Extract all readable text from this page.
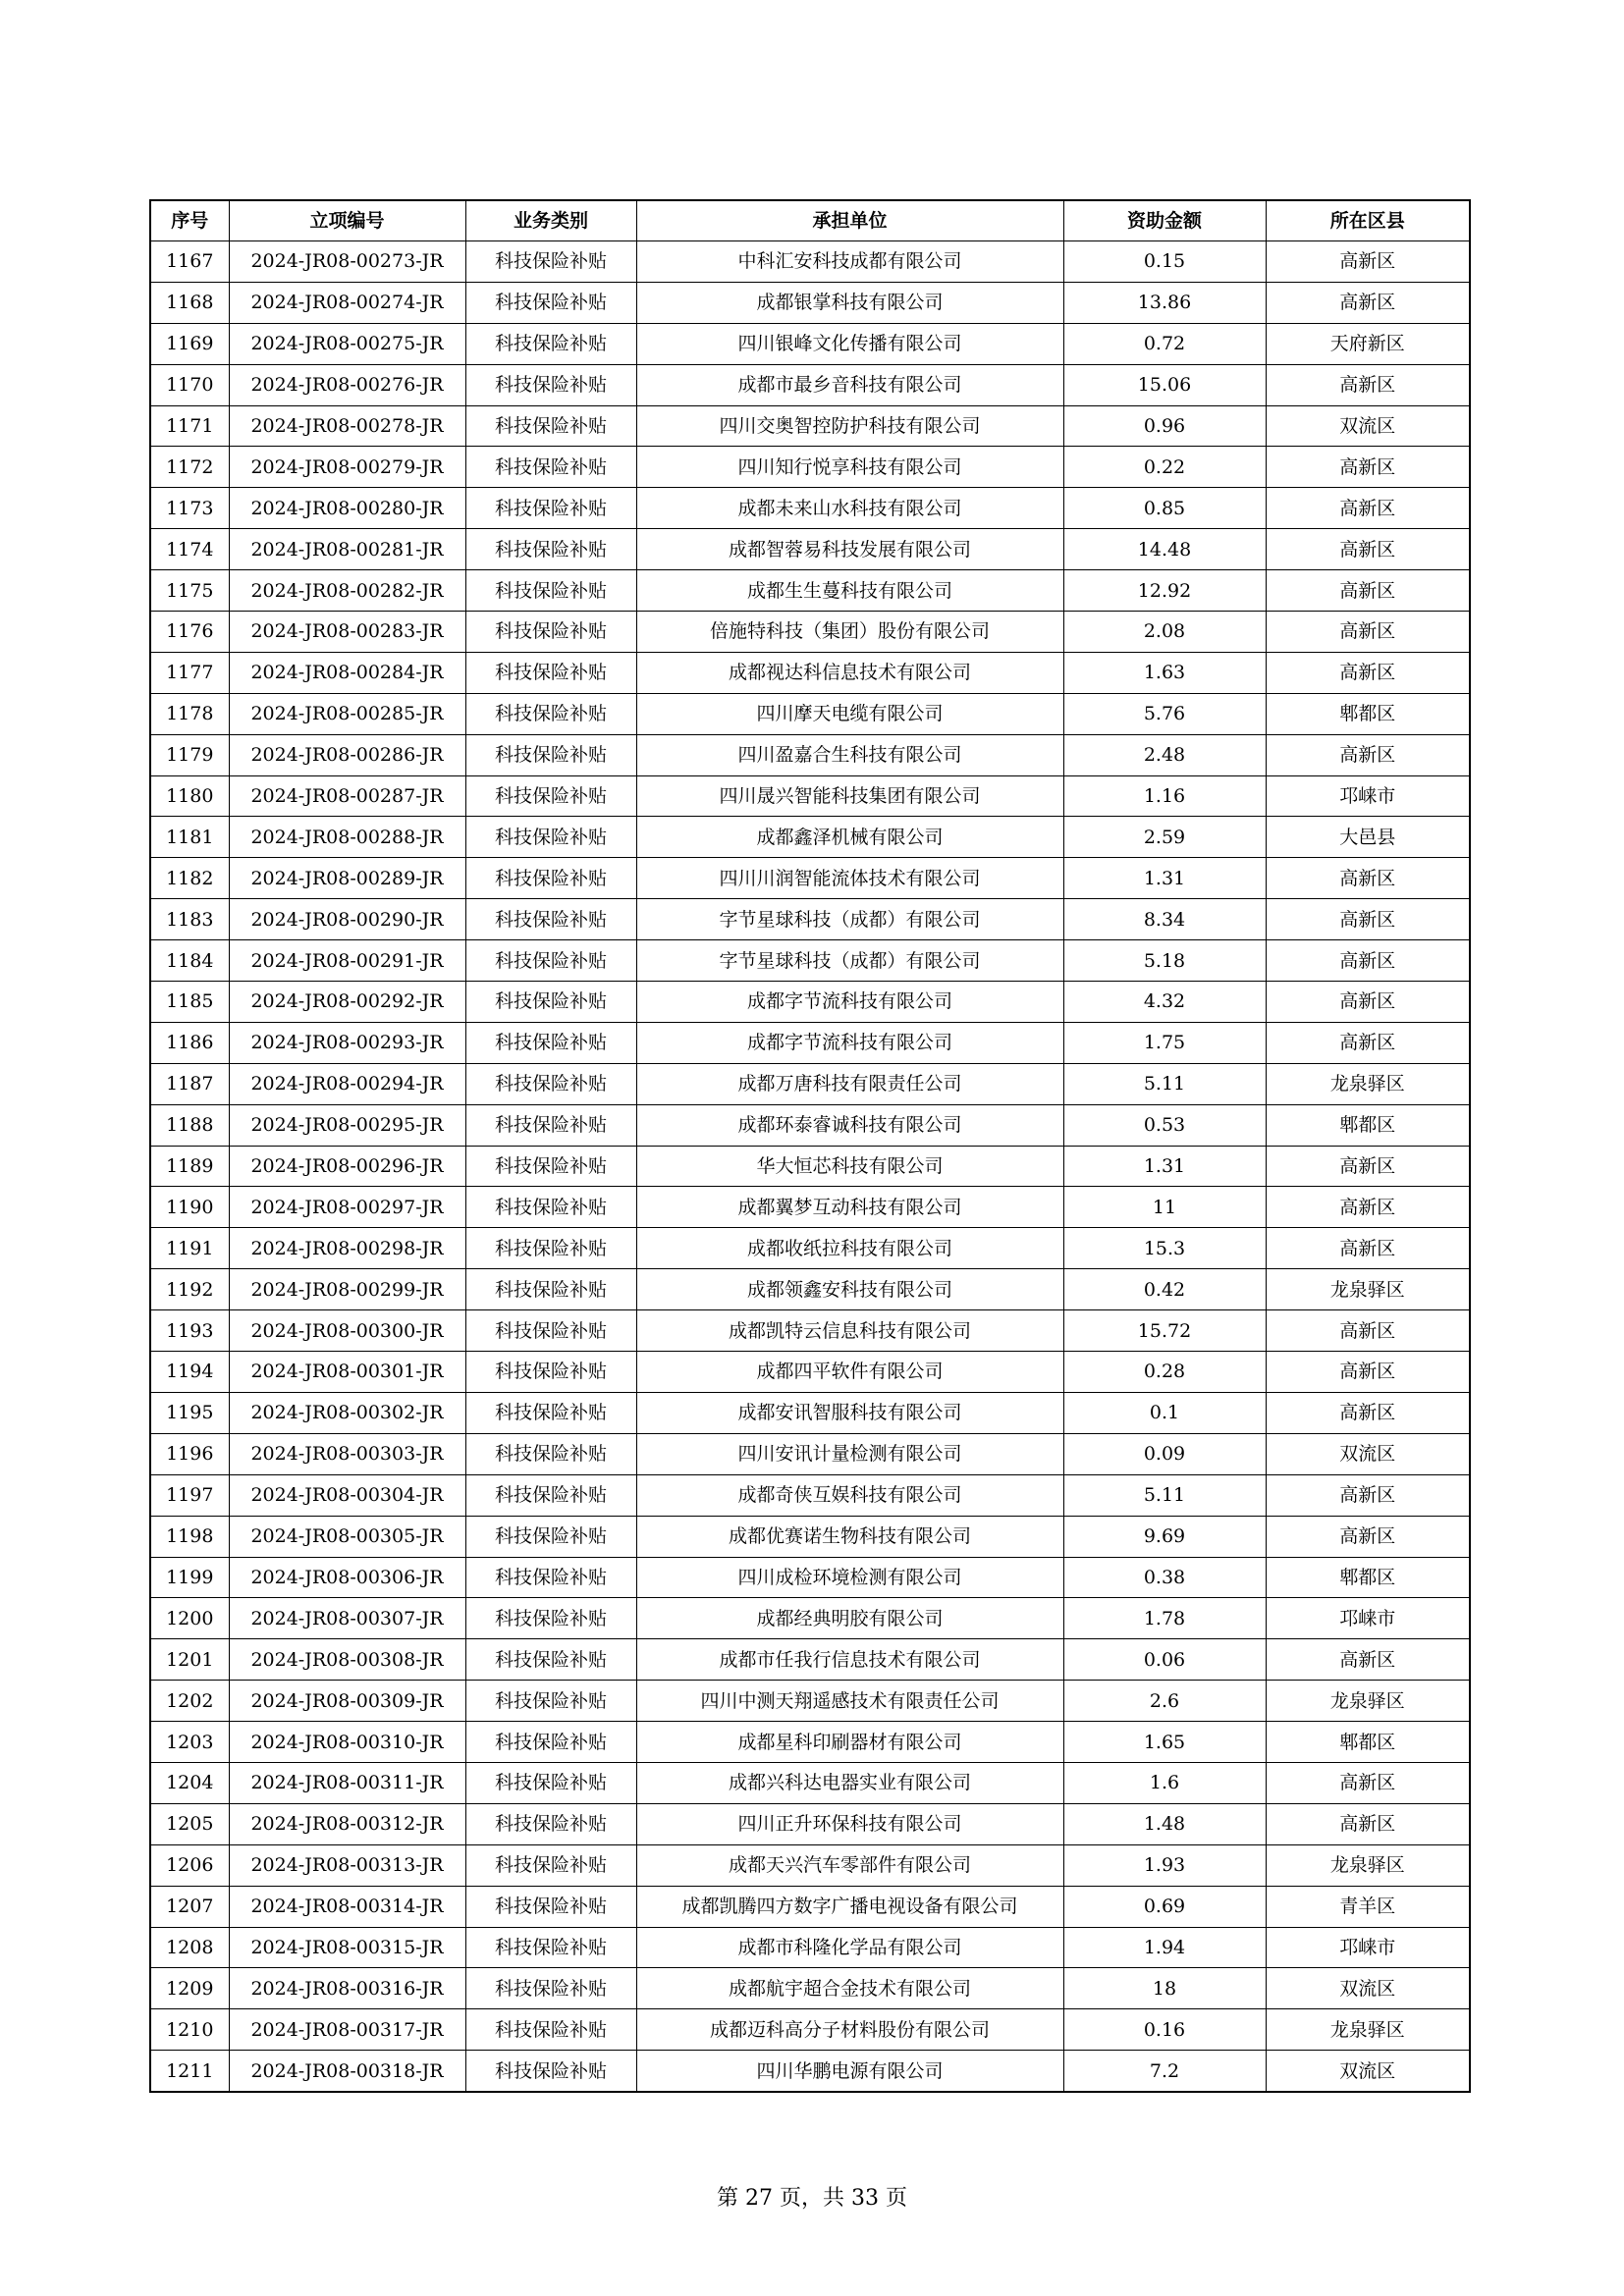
序号	立项编号	业务类别	承担单位	资助金额	所在区县
1167	2024-JR08-00273-JR	科技保险补贴	中科汇安科技成都有限公司	0.15	高新区
1168	2024-JR08-00274-JR	科技保险补贴	成都银掌科技有限公司	13.86	高新区
1169	2024-JR08-00275-JR	科技保险补贴	四川银峰文化传播有限公司	0.72	天府新区
1170	2024-JR08-00276-JR	科技保险补贴	成都市最乡音科技有限公司	15.06	高新区
1171	2024-JR08-00278-JR	科技保险补贴	四川交奥智控防护科技有限公司	0.96	双流区
1172	2024-JR08-00279-JR	科技保险补贴	四川知行悦享科技有限公司	0.22	高新区
1173	2024-JR08-00280-JR	科技保险补贴	成都未来山水科技有限公司	0.85	高新区
1174	2024-JR08-00281-JR	科技保险补贴	成都智蓉易科技发展有限公司	14.48	高新区
1175	2024-JR08-00282-JR	科技保险补贴	成都生生蔓科技有限公司	12.92	高新区
1176	2024-JR08-00283-JR	科技保险补贴	倍施特科技（集团）股份有限公司	2.08	高新区
1177	2024-JR08-00284-JR	科技保险补贴	成都视达科信息技术有限公司	1.63	高新区
1178	2024-JR08-00285-JR	科技保险补贴	四川摩天电缆有限公司	5.76	郫都区
1179	2024-JR08-00286-JR	科技保险补贴	四川盈嘉合生科技有限公司	2.48	高新区
1180	2024-JR08-00287-JR	科技保险补贴	四川晟兴智能科技集团有限公司	1.16	邛崃市
1181	2024-JR08-00288-JR	科技保险补贴	成都鑫泽机械有限公司	2.59	大邑县
1182	2024-JR08-00289-JR	科技保险补贴	四川川润智能流体技术有限公司	1.31	高新区
1183	2024-JR08-00290-JR	科技保险补贴	字节星球科技（成都）有限公司	8.34	高新区
1184	2024-JR08-00291-JR	科技保险补贴	字节星球科技（成都）有限公司	5.18	高新区
1185	2024-JR08-00292-JR	科技保险补贴	成都字节流科技有限公司	4.32	高新区
1186	2024-JR08-00293-JR	科技保险补贴	成都字节流科技有限公司	1.75	高新区
1187	2024-JR08-00294-JR	科技保险补贴	成都万唐科技有限责任公司	5.11	龙泉驿区
1188	2024-JR08-00295-JR	科技保险补贴	成都环泰睿诚科技有限公司	0.53	郫都区
1189	2024-JR08-00296-JR	科技保险补贴	华大恒芯科技有限公司	1.31	高新区
1190	2024-JR08-00297-JR	科技保险补贴	成都翼梦互动科技有限公司	11	高新区
1191	2024-JR08-00298-JR	科技保险补贴	成都收纸拉科技有限公司	15.3	高新区
1192	2024-JR08-00299-JR	科技保险补贴	成都领鑫安科技有限公司	0.42	龙泉驿区
1193	2024-JR08-00300-JR	科技保险补贴	成都凯特云信息科技有限公司	15.72	高新区
1194	2024-JR08-00301-JR	科技保险补贴	成都四平软件有限公司	0.28	高新区
1195	2024-JR08-00302-JR	科技保险补贴	成都安讯智服科技有限公司	0.1	高新区
1196	2024-JR08-00303-JR	科技保险补贴	四川安讯计量检测有限公司	0.09	双流区
1197	2024-JR08-00304-JR	科技保险补贴	成都奇侠互娱科技有限公司	5.11	高新区
1198	2024-JR08-00305-JR	科技保险补贴	成都优赛诺生物科技有限公司	9.69	高新区
1199	2024-JR08-00306-JR	科技保险补贴	四川成检环境检测有限公司	0.38	郫都区
1200	2024-JR08-00307-JR	科技保险补贴	成都经典明胶有限公司	1.78	邛崃市
1201	2024-JR08-00308-JR	科技保险补贴	成都市任我行信息技术有限公司	0.06	高新区
1202	2024-JR08-00309-JR	科技保险补贴	四川中测天翔遥感技术有限责任公司	2.6	龙泉驿区
1203	2024-JR08-00310-JR	科技保险补贴	成都星科印刷器材有限公司	1.65	郫都区
1204	2024-JR08-00311-JR	科技保险补贴	成都兴科达电器实业有限公司	1.6	高新区
1205	2024-JR08-00312-JR	科技保险补贴	四川正升环保科技有限公司	1.48	高新区
1206	2024-JR08-00313-JR	科技保险补贴	成都天兴汽车零部件有限公司	1.93	龙泉驿区
1207	2024-JR08-00314-JR	科技保险补贴	成都凯腾四方数字广播电视设备有限公司	0.69	青羊区
1208	2024-JR08-00315-JR	科技保险补贴	成都市科隆化学品有限公司	1.94	邛崃市
1209	2024-JR08-00316-JR	科技保险补贴	成都航宇超合金技术有限公司	18	双流区
1210	2024-JR08-00317-JR	科技保险补贴	成都迈科高分子材料股份有限公司	0.16	龙泉驿区
1211	2024-JR08-00318-JR	科技保险补贴	四川华鹏电源有限公司	7.2	双流区
第 27 页，共 33 页
